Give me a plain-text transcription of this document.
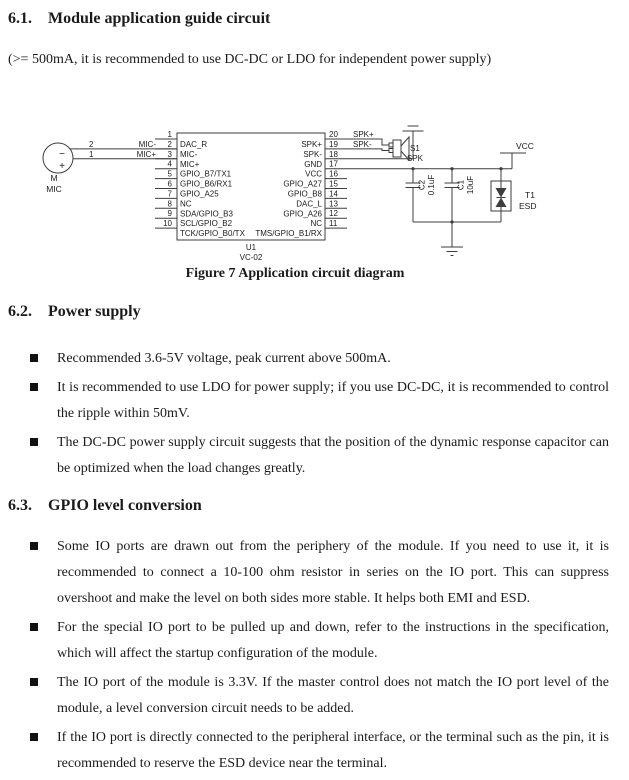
6.1. Module application guide circuit
(>= 500mA, it is recommended to use DC-DC or LDO for independent power supply)
−
+
M
MIC
2
1
MIC-
MIC+
U1
VC-02
1
2
3
4
5
6
7
8
9
10
DAC_R
MIC-
MIC+
GPIO_B7/TX1
GPIO_B6/RX1
GPIO_A25
NC
SDA/GPIO_B3
SCL/GPIO_B2
TCK/GPIO_B0/TX
20
19
18
17
16
15
14
13
12
11
SPK+
SPK-
GND
VCC
GPIO_A27
GPIO_B8
DAC_L
GPIO_A26
NC
TMS/GPIO_B1/RX
SPK+
SPK-	S1
SPK
VCC
C2 0.1uF	C1 10uF
T1
ESD
Figure 7 Application circuit diagram
6.2. Power supply
Recommended 3.6-5V voltage, peak current above 500mA.
It is recommended to use LDO for power supply; if you use DC-DC, it is recommended to control the ripple within 50mV.
The DC-DC power supply circuit suggests that the position of the dynamic response capacitor can be optimized when the load changes greatly.
6.3. GPIO level conversion
Some IO ports are drawn out from the periphery of the module. If you need to use it, it is recommended to connect a 10-100 ohm resistor in series on the IO port. This can suppress overshoot and make the level on both sides more stable. It helps both EMI and ESD.
For the special IO port to be pulled up and down, refer to the instructions in the specification, which will affect the startup configuration of the module.
The IO port of the module is 3.3V. If the master control does not match the IO port level of the module, a level conversion circuit needs to be added.
If the IO port is directly connected to the peripheral interface, or the terminal such as the pin, it is recommended to reserve the ESD device near the terminal.
